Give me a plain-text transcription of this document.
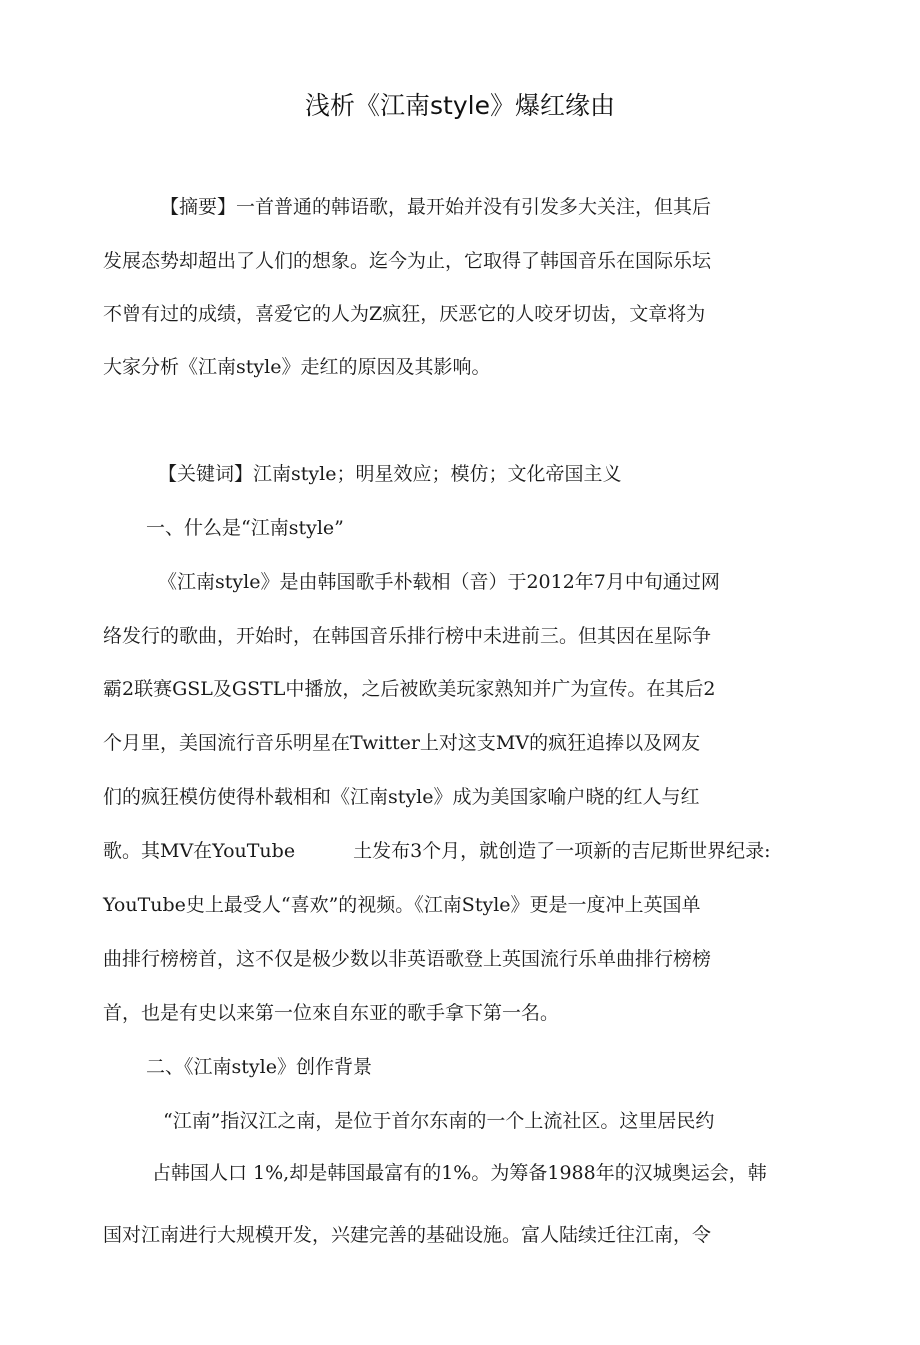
浅析《江南style》爆红缘由
【摘要】一首普通的韩语歌，最开始并没有引发多大关注，但其后
发展态势却超出了人们的想象。迄今为止，它取得了韩国音乐在国际乐坛
不曾有过的成绩，喜爱它的人为Z疯狂，厌恶它的人咬牙切齿，文章将为
大家分析《江南style》走红的原因及其影响。
【关键词】江南style；明星效应；模仿；文化帝国主义
一、什么是“江南style”
《江南style》是由韩国歌手朴载相（音）于2012年7月中旬通过网
络发行的歌曲，开始时，在韩国音乐排行榜中未进前三。但其因在星际争
霸2联赛GSL及GSTL中播放，之后被欧美玩家熟知并广为宣传。在其后2
个月里，美国流行音乐明星在Twitter上对这支MV的疯狂追捧以及网友
们的疯狂模仿使得朴载相和《江南style》成为美国家喻户晓的红人与红
歌。其MV在YouTube	土发布3个月，就创造了一项新的吉尼斯世界纪录:
YouTube史上最受人“喜欢”的视频。《江南Style》更是一度冲上英国单
曲排行榜榜首，这不仅是极少数以非英语歌登上英国流行乐单曲排行榜榜
首，也是有史以来第一位來自东亚的歌手拿下第一名。
二、《江南style》创作背景
“江南”指汉江之南，是位于首尔东南的一个上流社区。这里居民约
占韩国人口 1%,却是韩国最富有的1%。为筹备1988年的汉城奥运会，韩
国对江南进行大规模开发，兴建完善的基础设施。富人陆续迁往江南，令
